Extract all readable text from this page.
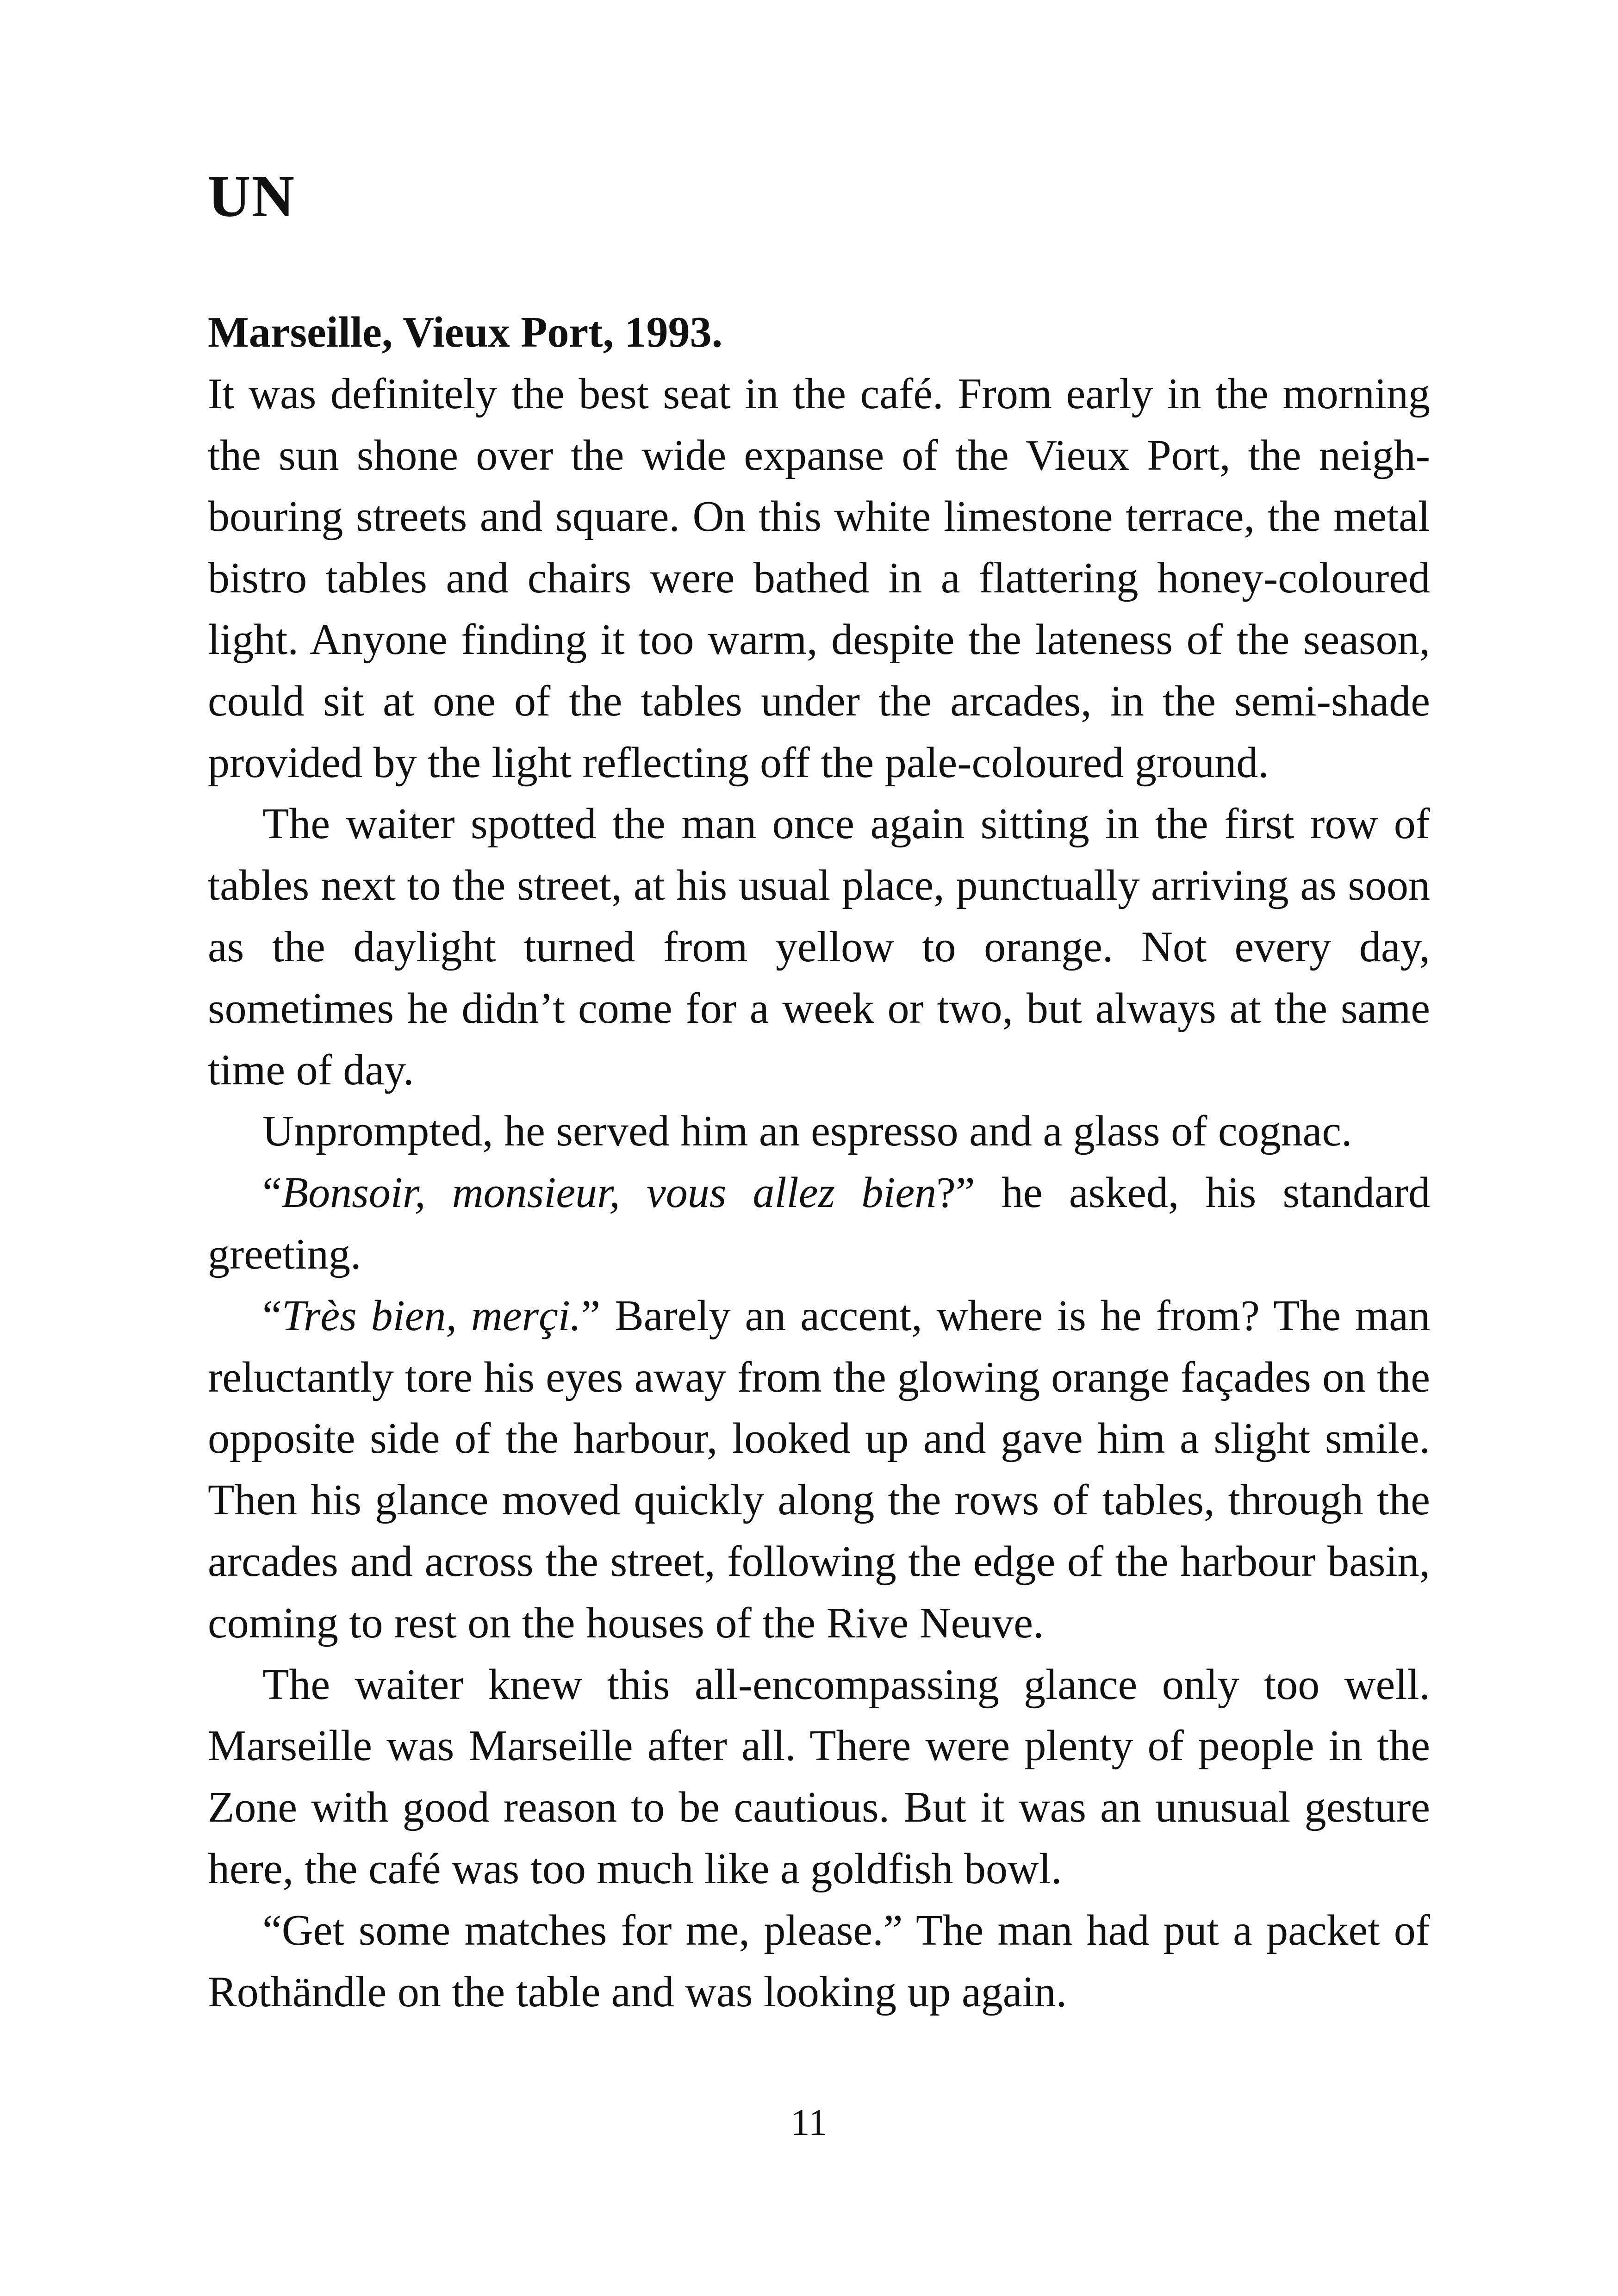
UN

Marseille, Vieux Port, 1993.

It was definitely the best seat in the café. From early in the morning the sun shone over the wide expanse of the Vieux Port, the neighbouring streets and square. On this white limestone terrace, the metal bistro tables and chairs were bathed in a flattering honey-coloured light. Anyone finding it too warm, despite the lateness of the season, could sit at one of the tables under the arcades, in the semi-shade provided by the light reflecting off the pale-coloured ground.

The waiter spotted the man once again sitting in the first row of tables next to the street, at his usual place, punctually arriving as soon as the daylight turned from yellow to orange. Not every day, sometimes he didn’t come for a week or two, but always at the same time of day.

Unprompted, he served him an espresso and a glass of cognac.

“Bonsoir, monsieur, vous allez bien?” he asked, his standard greeting.

“Très bien, merçi.” Barely an accent, where is he from? The man reluctantly tore his eyes away from the glowing orange façades on the opposite side of the harbour, looked up and gave him a slight smile. Then his glance moved quickly along the rows of tables, through the arcades and across the street, following the edge of the harbour basin, coming to rest on the houses of the Rive Neuve.

The waiter knew this all-encompassing glance only too well. Marseille was Marseille after all. There were plenty of people in the Zone with good reason to be cautious. But it was an unusual gesture here, the café was too much like a goldfish bowl.

“Get some matches for me, please.” The man had put a packet of Rothändle on the table and was looking up again.

11
